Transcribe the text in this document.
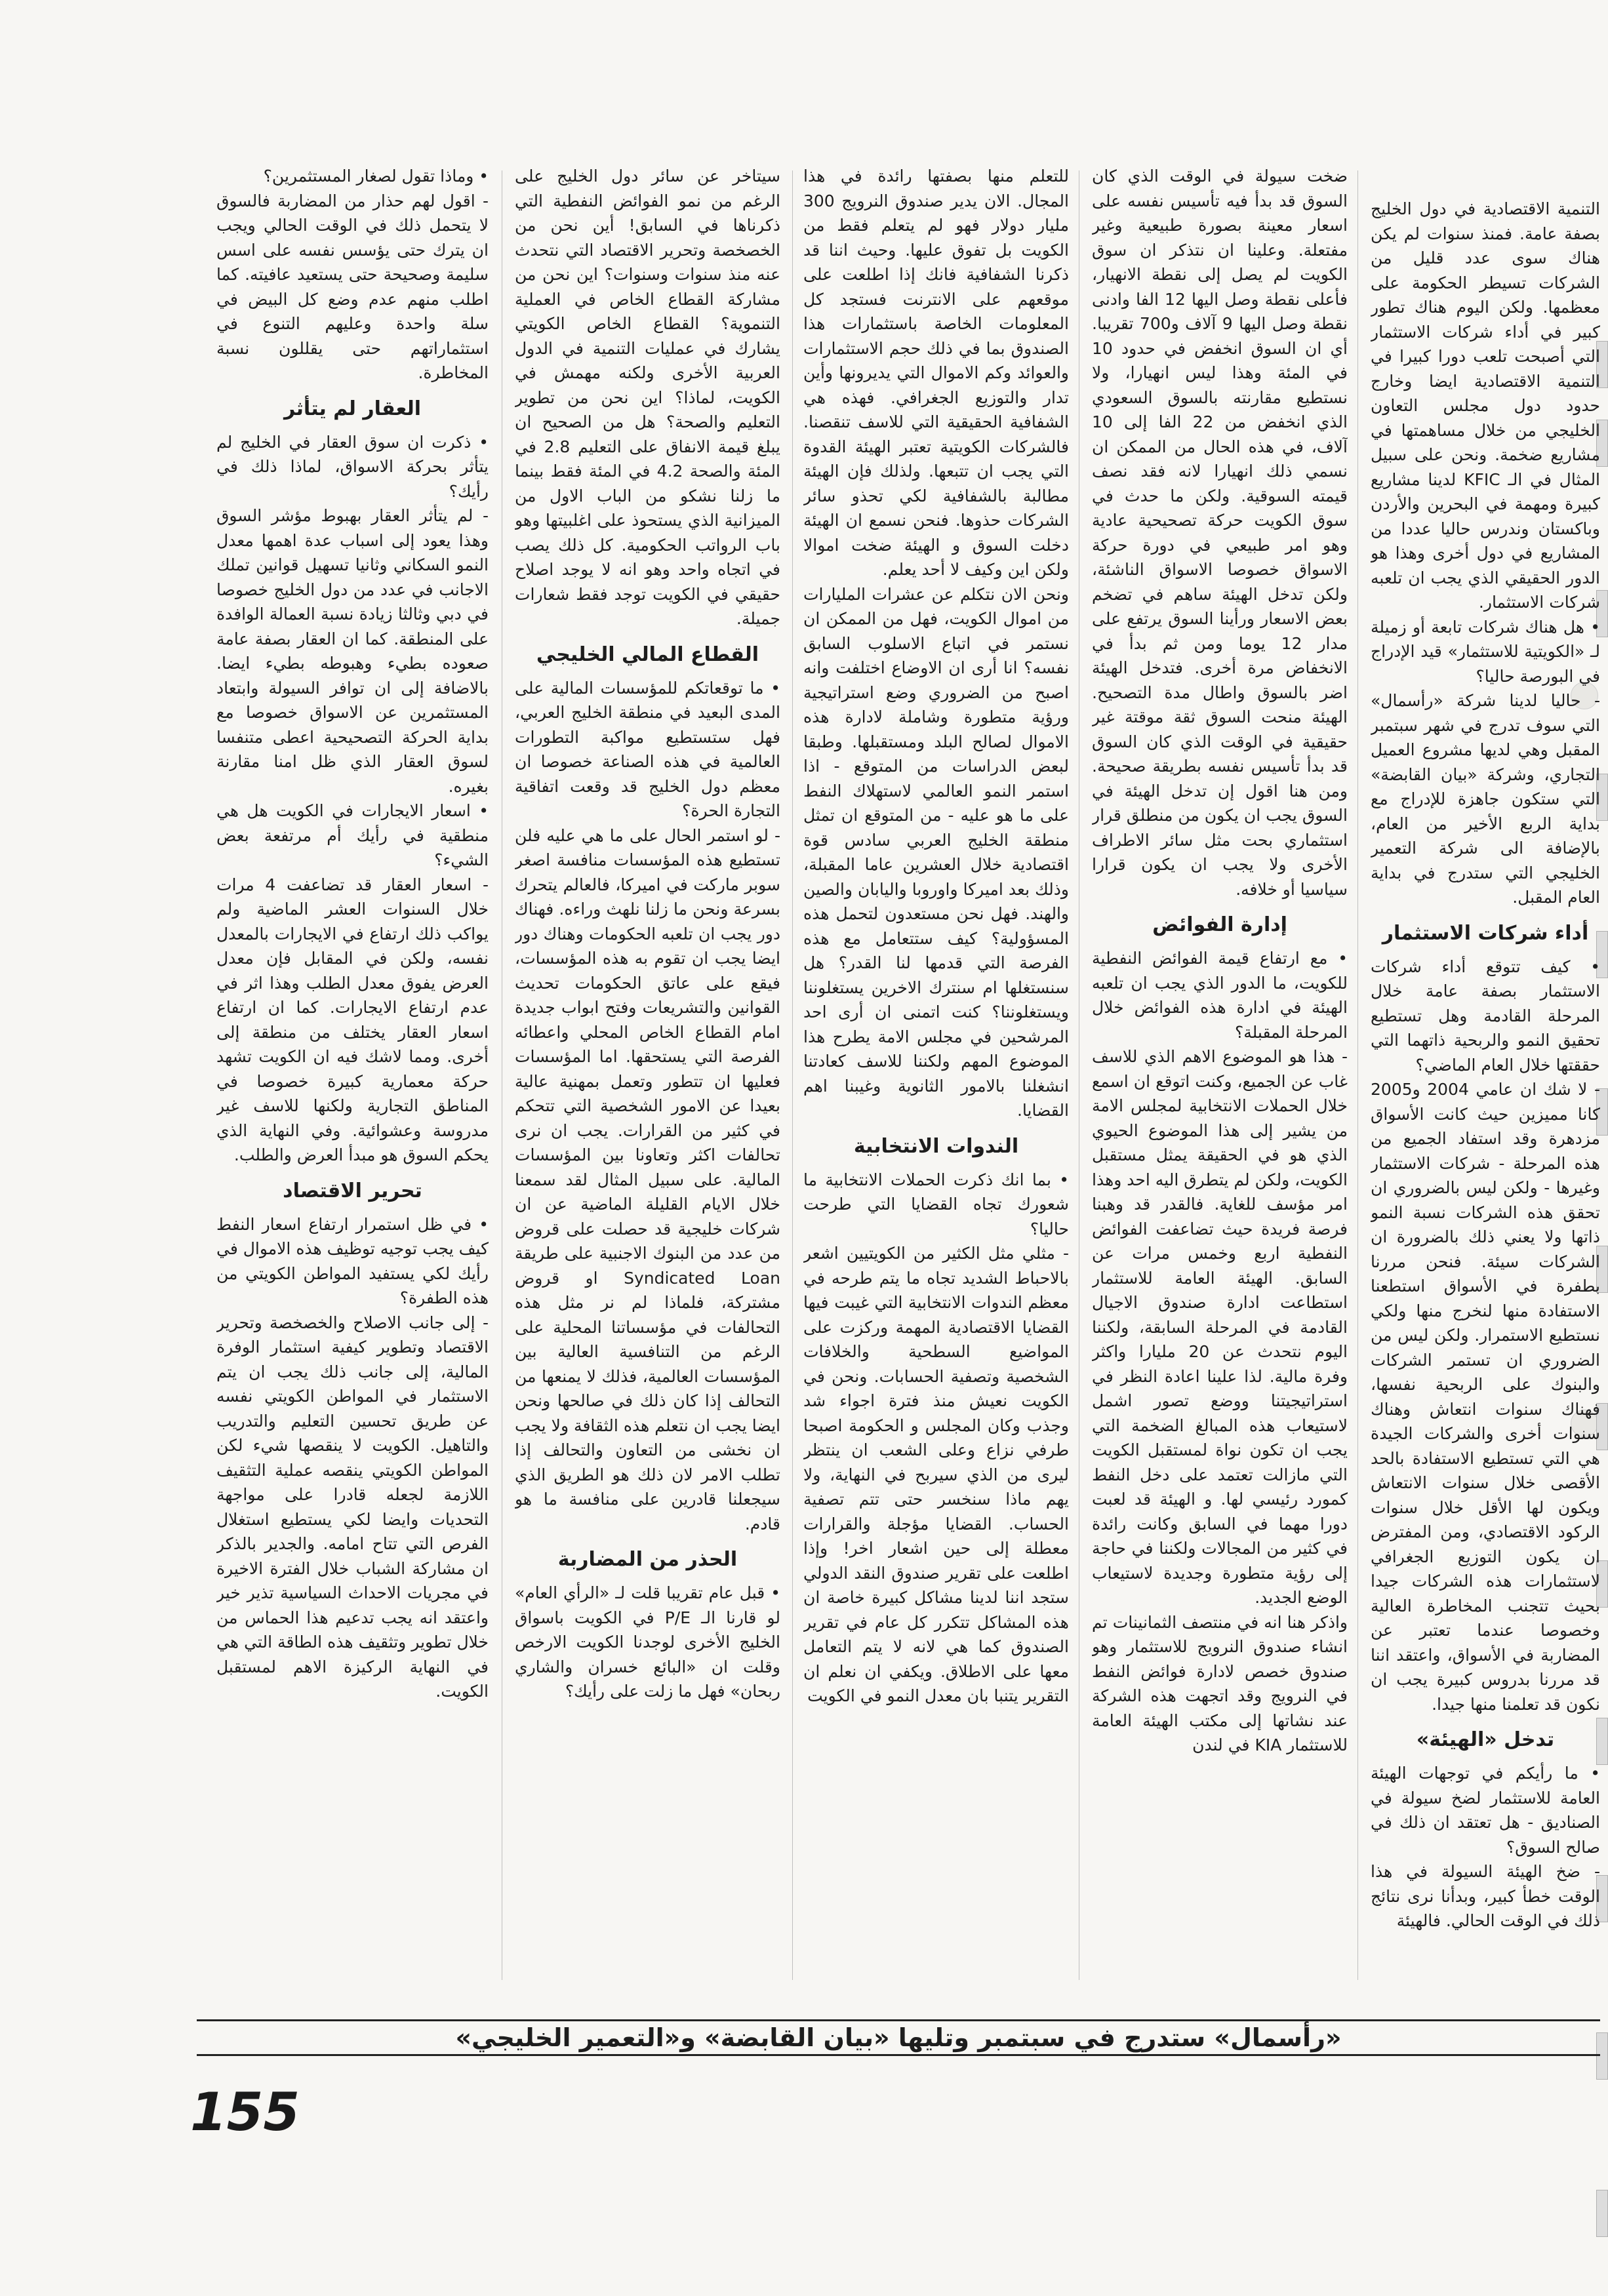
التنمية الاقتصادية في دول الخليج بصفة عامة. فمنذ سنوات لم يكن هناك سوى عدد قليل من الشركات تسيطر الحكومة على معظمها. ولكن اليوم هناك تطور كبير في أداء شركات الاستثمار التي أصبحت تلعب دورا كبيرا في التنمية الاقتصادية ايضا وخارج حدود دول مجلس التعاون الخليجي من خلال مساهمتها في مشاريع ضخمة. ونحن على سبيل المثال في الـ KFIC لدينا مشاريع كبيرة ومهمة في البحرين والأردن وباكستان وندرس حاليا عددا من المشاريع في دول أخرى وهذا هو الدور الحقيقي الذي يجب ان تلعبه شركات الاستثمار.

• هل هناك شركات تابعة أو زميلة لـ «الكويتية للاستثمار» قيد الإدراج في البورصة حاليا؟

- حاليا لدينا شركة «رأسمال» التي سوف تدرج في شهر سبتمبر المقبل وهي لديها مشروع العميل التجاري، وشركة «بيان القابضة» التي ستكون جاهزة للإدراج مع بداية الربع الأخير من العام، بالإضافة الى شركة التعمير الخليجي التي ستدرج في بداية العام المقبل.

أداء شركات الاستثمار

• كيف تتوقع أداء شركات الاستثمار بصفة عامة خلال المرحلة القادمة وهل تستطيع تحقيق النمو والربحية ذاتهما التي حققتها خلال العام الماضي؟

- لا شك ان عامي 2004 و2005 كانا مميزين حيث كانت الأسواق مزدهرة وقد استفاد الجميع من هذه المرحلة - شركات الاستثمار وغيرها - ولكن ليس بالضروري ان تحقق هذه الشركات نسبة النمو ذاتها ولا يعني ذلك بالضرورة ان الشركات سيئة. فنحن مررنا بطفرة في الأسواق استطعنا الاستفادة منها لنخرج منها ولكي نستطيع الاستمرار. ولكن ليس من الضروري ان تستمر الشركات والبنوك على الربحية نفسها، فهناك سنوات انتعاش وهناك سنوات أخرى والشركات الجيدة هي التي تستطيع الاستفادة بالحد الأقصى خلال سنوات الانتعاش ويكون لها الأقل خلال سنوات الركود الاقتصادي، ومن المفترض ان يكون التوزيع الجغرافي لاستثمارات هذه الشركات جيدا بحيث تتجنب المخاطرة العالية وخصوصا عندما تعتبر عن المضاربة في الأسواق، واعتقد اننا قد مررنا بدروس كبيرة يجب ان نكون قد تعلمنا منها جيدا.

تدخل «الهيئة»

• ما رأيكم في توجهات الهيئة العامة للاستثمار لضخ سيولة في الصناديق - هل تعتقد ان ذلك في صالح السوق؟

- ضخ الهيئة السيولة في هذا الوقت خطأ كبير، وبدأنا نرى نتائج ذلك في الوقت الحالي. فالهيئة

ضخت سيولة في الوقت الذي كان السوق قد بدأ فيه تأسيس نفسه على اسعار معينة بصورة طبيعية وغير مفتعلة. وعلينا ان نتذكر ان سوق الكويت لم يصل إلى نقطة الانهيار، فأعلى نقطة وصل اليها 12 الفا وادنى نقطة وصل اليها 9 آلاف و700 تقريبا. أي ان السوق انخفض في حدود 10 في المئة وهذا ليس انهيارا، ولا نستطيع مقارنته بالسوق السعودي الذي انخفض من 22 الفا إلى 10 آلاف، في هذه الحال من الممكن ان نسمي ذلك انهيارا لانه فقد نصف قيمته السوقية. ولكن ما حدث في سوق الكويت حركة تصحيحية عادية وهو امر طبيعي في دورة حركة الاسواق خصوصا الاسواق الناشئة، ولكن تدخل الهيئة ساهم في تضخم بعض الاسعار ورأينا السوق يرتفع على مدار 12 يوما ومن ثم بدأ في الانخفاض مرة أخرى. فتدخل الهيئة اضر بالسوق واطال مدة التصحيح. الهيئة منحت السوق ثقة موقتة غير حقيقية في الوقت الذي كان السوق قد بدأ تأسيس نفسه بطريقة صحيحة. ومن هنا اقول إن تدخل الهيئة في السوق يجب ان يكون من منطلق قرار استثماري بحت مثل سائر الاطراف الأخرى ولا يجب ان يكون قرارا سياسيا أو خلافه.

إدارة الفوائض

• مع ارتفاع قيمة الفوائض النفطية للكويت، ما الدور الذي يجب ان تلعبه الهيئة في ادارة هذه الفوائض خلال المرحلة المقبلة؟

- هذا هو الموضوع الاهم الذي للاسف غاب عن الجميع، وكنت اتوقع ان اسمع خلال الحملات الانتخابية لمجلس الامة من يشير إلى هذا الموضوع الحيوي الذي هو في الحقيقة يمثل مستقبل الكويت، ولكن لم يتطرق اليه احد وهذا امر مؤسف للغاية. فالقدر قد وهبنا فرصة فريدة حيث تضاعفت الفوائض النفطية اربع وخمس مرات عن السابق. الهيئة العامة للاستثمار استطاعت ادارة صندوق الاجيال القادمة في المرحلة السابقة، ولكننا اليوم نتحدث عن 20 مليارا واكثر وفرة مالية. لذا علينا اعادة النظر في استراتيجيتنا ووضع تصور اشمل لاستيعاب هذه المبالغ الضخمة التي يجب ان تكون نواة لمستقبل الكويت التي مازالت تعتمد على دخل النفط كمورد رئيسي لها. و الهيئة قد لعبت دورا مهما في السابق وكانت رائدة في كثير من المجالات ولكننا في حاجة إلى رؤية متطورة وجديدة لاستيعاب الوضع الجديد.

واذكر هنا انه في منتصف الثمانينات تم انشاء صندوق النرويج للاستثمار وهو صندوق خصص لادارة فوائض النفط في النرويج وقد اتجهت هذه الشركة عند نشاتها إلى مكتب الهيئة العامة للاستثمار KIA في لندن

للتعلم منها بصفتها رائدة في هذا المجال. الان يدير صندوق النرويج 300 مليار دولار فهو لم يتعلم فقط من الكويت بل تفوق عليها. وحيث اننا قد ذكرنا الشفافية فانك إذا اطلعت على موقعهم على الانترنت فستجد كل المعلومات الخاصة باستثمارات هذا الصندوق بما في ذلك حجم الاستثمارات والعوائد وكم الاموال التي يديرونها وأين تدار والتوزيع الجغرافي. فهذه هي الشفافية الحقيقية التي للاسف تنقصنا. فالشركات الكويتية تعتبر الهيئة القدوة التي يجب ان تتبعها. ولذلك فإن الهيئة مطالبة بالشفافية لكي تحذو سائر الشركات حذوها. فنحن نسمع ان الهيئة دخلت السوق و الهيئة ضخت اموالا ولكن اين وكيف لا أحد يعلم.

ونحن الان نتكلم عن عشرات المليارات من اموال الكويت، فهل من الممكن ان نستمر في اتباع الاسلوب السابق نفسه؟ انا أرى ان الاوضاع اختلفت وانه اصبح من الضروري وضع استراتيجية ورؤية متطورة وشاملة لادارة هذه الاموال لصالح البلد ومستقبلها. وطبقا لبعض الدراسات من المتوقع - اذا استمر النمو العالمي لاستهلاك النفط على ما هو عليه - من المتوقع ان تمثل منطقة الخليج العربي سادس قوة اقتصادية خلال العشرين عاما المقبلة، وذلك بعد اميركا واوروبا واليابان والصين والهند. فهل نحن مستعدون لتحمل هذه المسؤولية؟ كيف ستتعامل مع هذه الفرصة التي قدمها لنا القدر؟ هل سنستغلها ام سنترك الاخرين يستغلوننا ويستغلوننا؟ كنت اتمنى ان أرى احد المرشحين في مجلس الامة يطرح هذا الموضوع المهم ولكننا للاسف كعادتنا انشغلنا بالامور الثانوية وغيبنا اهم القضايا.

الندوات الانتخابية

• بما انك ذكرت الحملات الانتخابية ما شعورك تجاه القضايا التي طرحت حاليا؟

- مثلي مثل الكثير من الكويتيين اشعر بالاحباط الشديد تجاه ما يتم طرحه في معظم الندوات الانتخابية التي غيبت فيها القضايا الاقتصادية المهمة وركزت على المواضيع السطحية والخلافات الشخصية وتصفية الحسابات. ونحن في الكويت نعيش منذ فترة اجواء شد وجذب وكان المجلس و الحكومة اصبحا طرفي نزاع وعلى الشعب ان ينتظر ليرى من الذي سيربح في النهاية، ولا يهم ماذا سنخسر حتى تتم تصفية الحساب. القضايا مؤجلة والقرارات معطلة إلى حين اشعار اخر! وإذا اطلعت على تقرير صندوق النقد الدولي ستجد اننا لدينا مشاكل كبيرة خاصة ان هذه المشاكل تتكرر كل عام في تقرير الصندوق كما هي لانه لا يتم التعامل معها على الاطلاق. ويكفي ان نعلم ان التقرير يتنبا بان معدل النمو في الكويت

سيتاخر عن سائر دول الخليج على الرغم من نمو الفوائض النفطية التي ذكرناها في السابق! أين نحن من الخصخصة وتحرير الاقتصاد التي نتحدث عنه منذ سنوات وسنوات؟ اين نحن من مشاركة القطاع الخاص في العملية التنموية؟ القطاع الخاص الكويتي يشارك في عمليات التنمية في الدول العربية الأخرى ولكنه مهمش في الكويت، لماذا؟ اين نحن من تطوير التعليم والصحة؟ هل من الصحيح ان يبلغ قيمة الانفاق على التعليم 2.8 في المئة والصحة 4.2 في المئة فقط بينما ما زلنا نشكو من الباب الاول من الميزانية الذي يستحوذ على اغلبيتها وهو باب الرواتب الحكومية. كل ذلك يصب في اتجاه واحد وهو انه لا يوجد اصلاح حقيقي في الكويت توجد فقط شعارات جميلة.

القطاع المالي الخليجي

• ما توقعاتكم للمؤسسات المالية على المدى البعيد في منطقة الخليج العربي، فهل ستستطيع مواكبة التطورات العالمية في هذه الصناعة خصوصا ان معظم دول الخليج قد وقعت اتفاقية التجارة الحرة؟

- لو استمر الحال على ما هي عليه فلن تستطيع هذه المؤسسات منافسة اصغر سوبر ماركت في اميركا، فالعالم يتحرك بسرعة ونحن ما زلنا نلهث وراءه. فهناك دور يجب ان تلعبه الحكومات وهناك دور ايضا يجب ان تقوم به هذه المؤسسات، فيقع على عاتق الحكومات تحديث القوانين والتشريعات وفتح ابواب جديدة امام القطاع الخاص المحلي واعطائه الفرصة التي يستحقها. اما المؤسسات فعليها ان تتطور وتعمل بمهنية عالية بعيدا عن الامور الشخصية التي تتحكم في كثير من القرارات. يجب ان نرى تحالفات اكثر وتعاونا بين المؤسسات المالية. على سبيل المثال لقد سمعنا خلال الايام القليلة الماضية عن ان شركات خليجية قد حصلت على قروض من عدد من البنوك الاجنبية على طريقة Syndicated Loan او قروض مشتركة، فلماذا لم نر مثل هذه التحالفات في مؤسساتنا المحلية على الرغم من التنافسية العالية بين المؤسسات العالمية، فذلك لا يمنعها من التحالف إذا كان ذلك في صالحها ونحن ايضا يجب ان نتعلم هذه الثقافة ولا يجب ان نخشى من التعاون والتحالف إذا تطلب الامر لان ذلك هو الطريق الذي سيجعلنا قادرين على منافسة ما هو قادم.

الحذر من المضاربة

• قبل عام تقريبا قلت لـ «الرأي العام» لو قارنا الـ P/E في الكويت باسواق الخليج الأخرى لوجدنا الكويت الارخص وقلت ان «البائع خسران والشاري ربحان» فهل ما زلت على رأيك؟

• وماذا تقول لصغار المستثمرين؟

- اقول لهم حذار من المضاربة فالسوق لا يتحمل ذلك في الوقت الحالي ويجب ان يترك حتى يؤسس نفسه على اسس سليمة وصحيحة حتى يستعيد عافيته. كما اطلب منهم عدم وضع كل البيض في سلة واحدة وعليهم التنوع في استثماراتهم حتى يقللون نسبة المخاطرة.

العقار لم يتأثر

• ذكرت ان سوق العقار في الخليج لم يتأثر بحركة الاسواق، لماذا ذلك في رأيك؟

- لم يتأثر العقار بهبوط مؤشر السوق وهذا يعود إلى اسباب عدة اهمها معدل النمو السكاني وثانيا تسهيل قوانين تملك الاجانب في عدد من دول الخليج خصوصا في دبي وثالثا زيادة نسبة العمالة الوافدة على المنطقة. كما ان العقار بصفة عامة صعوده بطيء وهبوطه بطيء ايضا. بالاضافة إلى ان توافر السيولة وابتعاد المستثمرين عن الاسواق خصوصا مع بداية الحركة التصحيحية اعطى متنفسا لسوق العقار الذي ظل امنا مقارنة بغيره.

• اسعار الايجارات في الكويت هل هي منطقية في رأيك أم مرتفعة بعض الشيء؟

- اسعار العقار قد تضاعفت 4 مرات خلال السنوات العشر الماضية ولم يواكب ذلك ارتفاع في الايجارات بالمعدل نفسه، ولكن في المقابل فإن معدل العرض يفوق معدل الطلب وهذا اثر في عدم ارتفاع الايجارات. كما ان ارتفاع اسعار العقار يختلف من منطقة إلى أخرى. ومما لاشك فيه ان الكويت تشهد حركة معمارية كبيرة خصوصا في المناطق التجارية ولكنها للاسف غير مدروسة وعشوائية. وفي النهاية الذي يحكم السوق هو مبدأ العرض والطلب.

تحرير الاقتصاد

• في ظل استمرار ارتفاع اسعار النفط كيف يجب توجيه توظيف هذه الاموال في رأيك لكي يستفيد المواطن الكويتي من هذه الطفرة؟

- إلى جانب الاصلاح والخصخصة وتحرير الاقتصاد وتطوير كيفية استثمار الوفرة المالية، إلى جانب ذلك يجب ان يتم الاستثمار في المواطن الكويتي نفسه عن طريق تحسين التعليم والتدريب والتاهيل. الكويت لا ينقصها شيء لكن المواطن الكويتي ينقصه عملية التثقيف اللازمة لجعله قادرا على مواجهة التحديات وايضا لكي يستطيع استغلال الفرص التي تتاح امامه. والجدير بالذكر ان مشاركة الشباب خلال الفترة الاخيرة في مجريات الاحداث السياسية تذير خير واعتقد انه يجب تدعيم هذا الحماس من خلال تطوير وتثقيف هذه الطاقة التي هي في النهاية الركيزة الاهم لمستقبل الكويت.

«رأسمال» ستدرج في سبتمبر وتليها «بيان القابضة» و«التعمير الخليجي»
155
